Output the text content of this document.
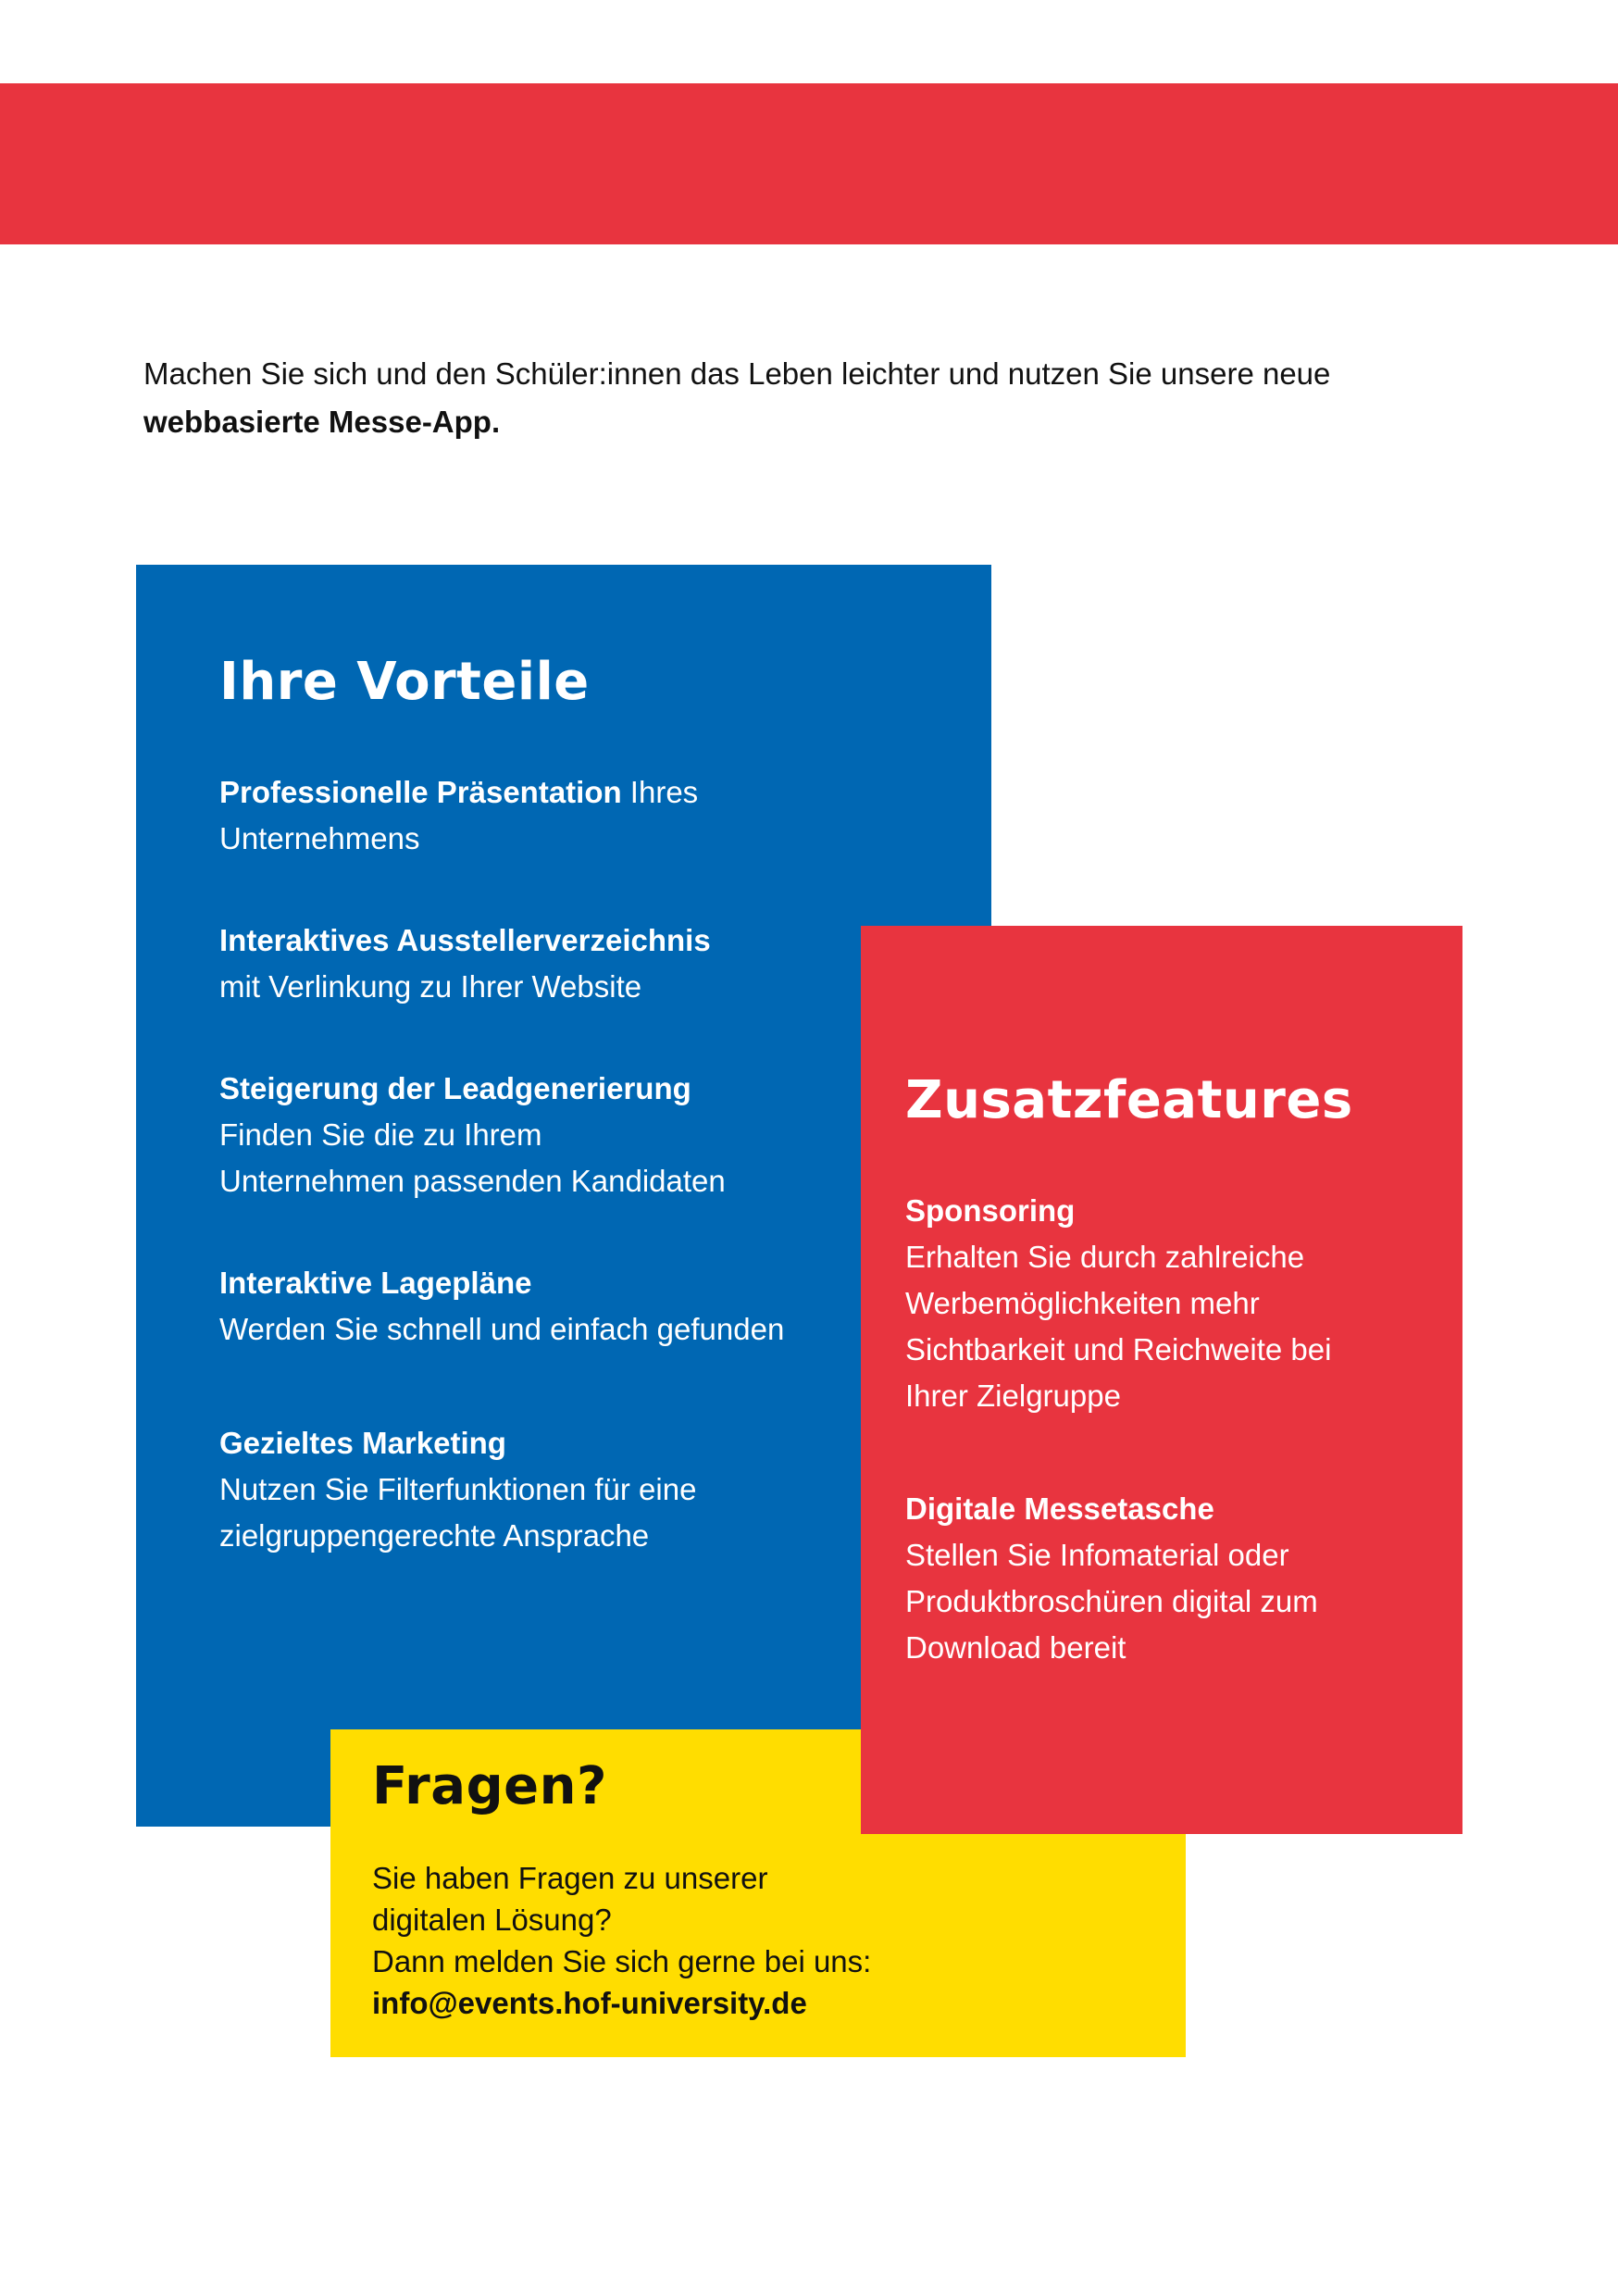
Machen Sie sich und den Schüler:innen das Leben leichter und nutzen Sie unsere neue
webbasierte Messe-App.
Ihre Vorteile
Professionelle Präsentation Ihres
Unternehmens
Interaktives Ausstellerverzeichnis
mit Verlinkung zu Ihrer Website
Steigerung der Leadgenerierung
Finden Sie die zu Ihrem
Unternehmen passenden Kandidaten
Interaktive Lagepläne
Werden Sie schnell und einfach gefunden
Gezieltes Marketing
Nutzen Sie Filterfunktionen für eine
zielgruppengerechte Ansprache
Fragen?
Sie haben Fragen zu unserer
digitalen Lösung?
Dann melden Sie sich gerne bei uns:
info@events.hof-university.de
Zusatzfeatures
Sponsoring
Erhalten Sie durch zahlreiche
Werbemöglichkeiten mehr
Sichtbarkeit und Reichweite bei
Ihrer Zielgruppe
Digitale Messetasche
Stellen Sie Infomaterial oder
Produktbroschüren digital zum
Download bereit
